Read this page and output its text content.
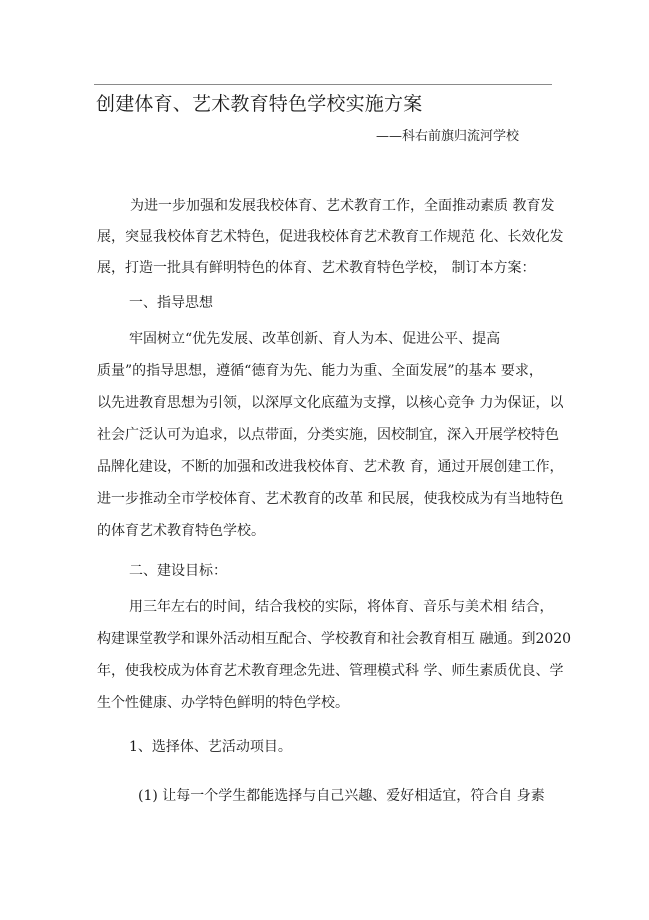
创建体育、艺术教育特色学校实施方案
——科右前旗归流河学校
为进一步加强和发展我校体育、艺术教育工作，全面推动素质 教育发
展，突显我校体育艺术特色，促进我校体育艺术教育工作规范 化、长效化发
展，打造一批具有鲜明特色的体育、艺术教育特色学校， 制订本方案：
一、指导思想
牢固树立“优先发展、改革创新、育人为本、促进公平、提高
质量”的指导思想，遵循“德育为先、能力为重、全面发展”的基本 要求，
以先进教育思想为引领，以深厚文化底蕴为支撑，以核心竞争 力为保证，以
社会广泛认可为追求，以点带面，分类实施，因校制宜，深入开展学校特色
品牌化建设，不断的加强和改进我校体育、艺术教 育，通过开展创建工作，
进一步推动全市学校体育、艺术教育的改革 和民展，使我校成为有当地特色
的体育艺术教育特色学校。
二、建设目标：
用三年左右的时间，结合我校的实际，将体育、音乐与美术相 结合，
构建课堂教学和课外活动相互配合、学校教育和社会教育相互 融通。到2020
年，使我校成为体育艺术教育理念先进、管理模式科 学、师生素质优良、学
生个性健康、办学特色鲜明的特色学校。
1、选择体、艺活动项目。
(1) 让每一个学生都能选择与自己兴趣、爱好相适宜，符合自 身素
